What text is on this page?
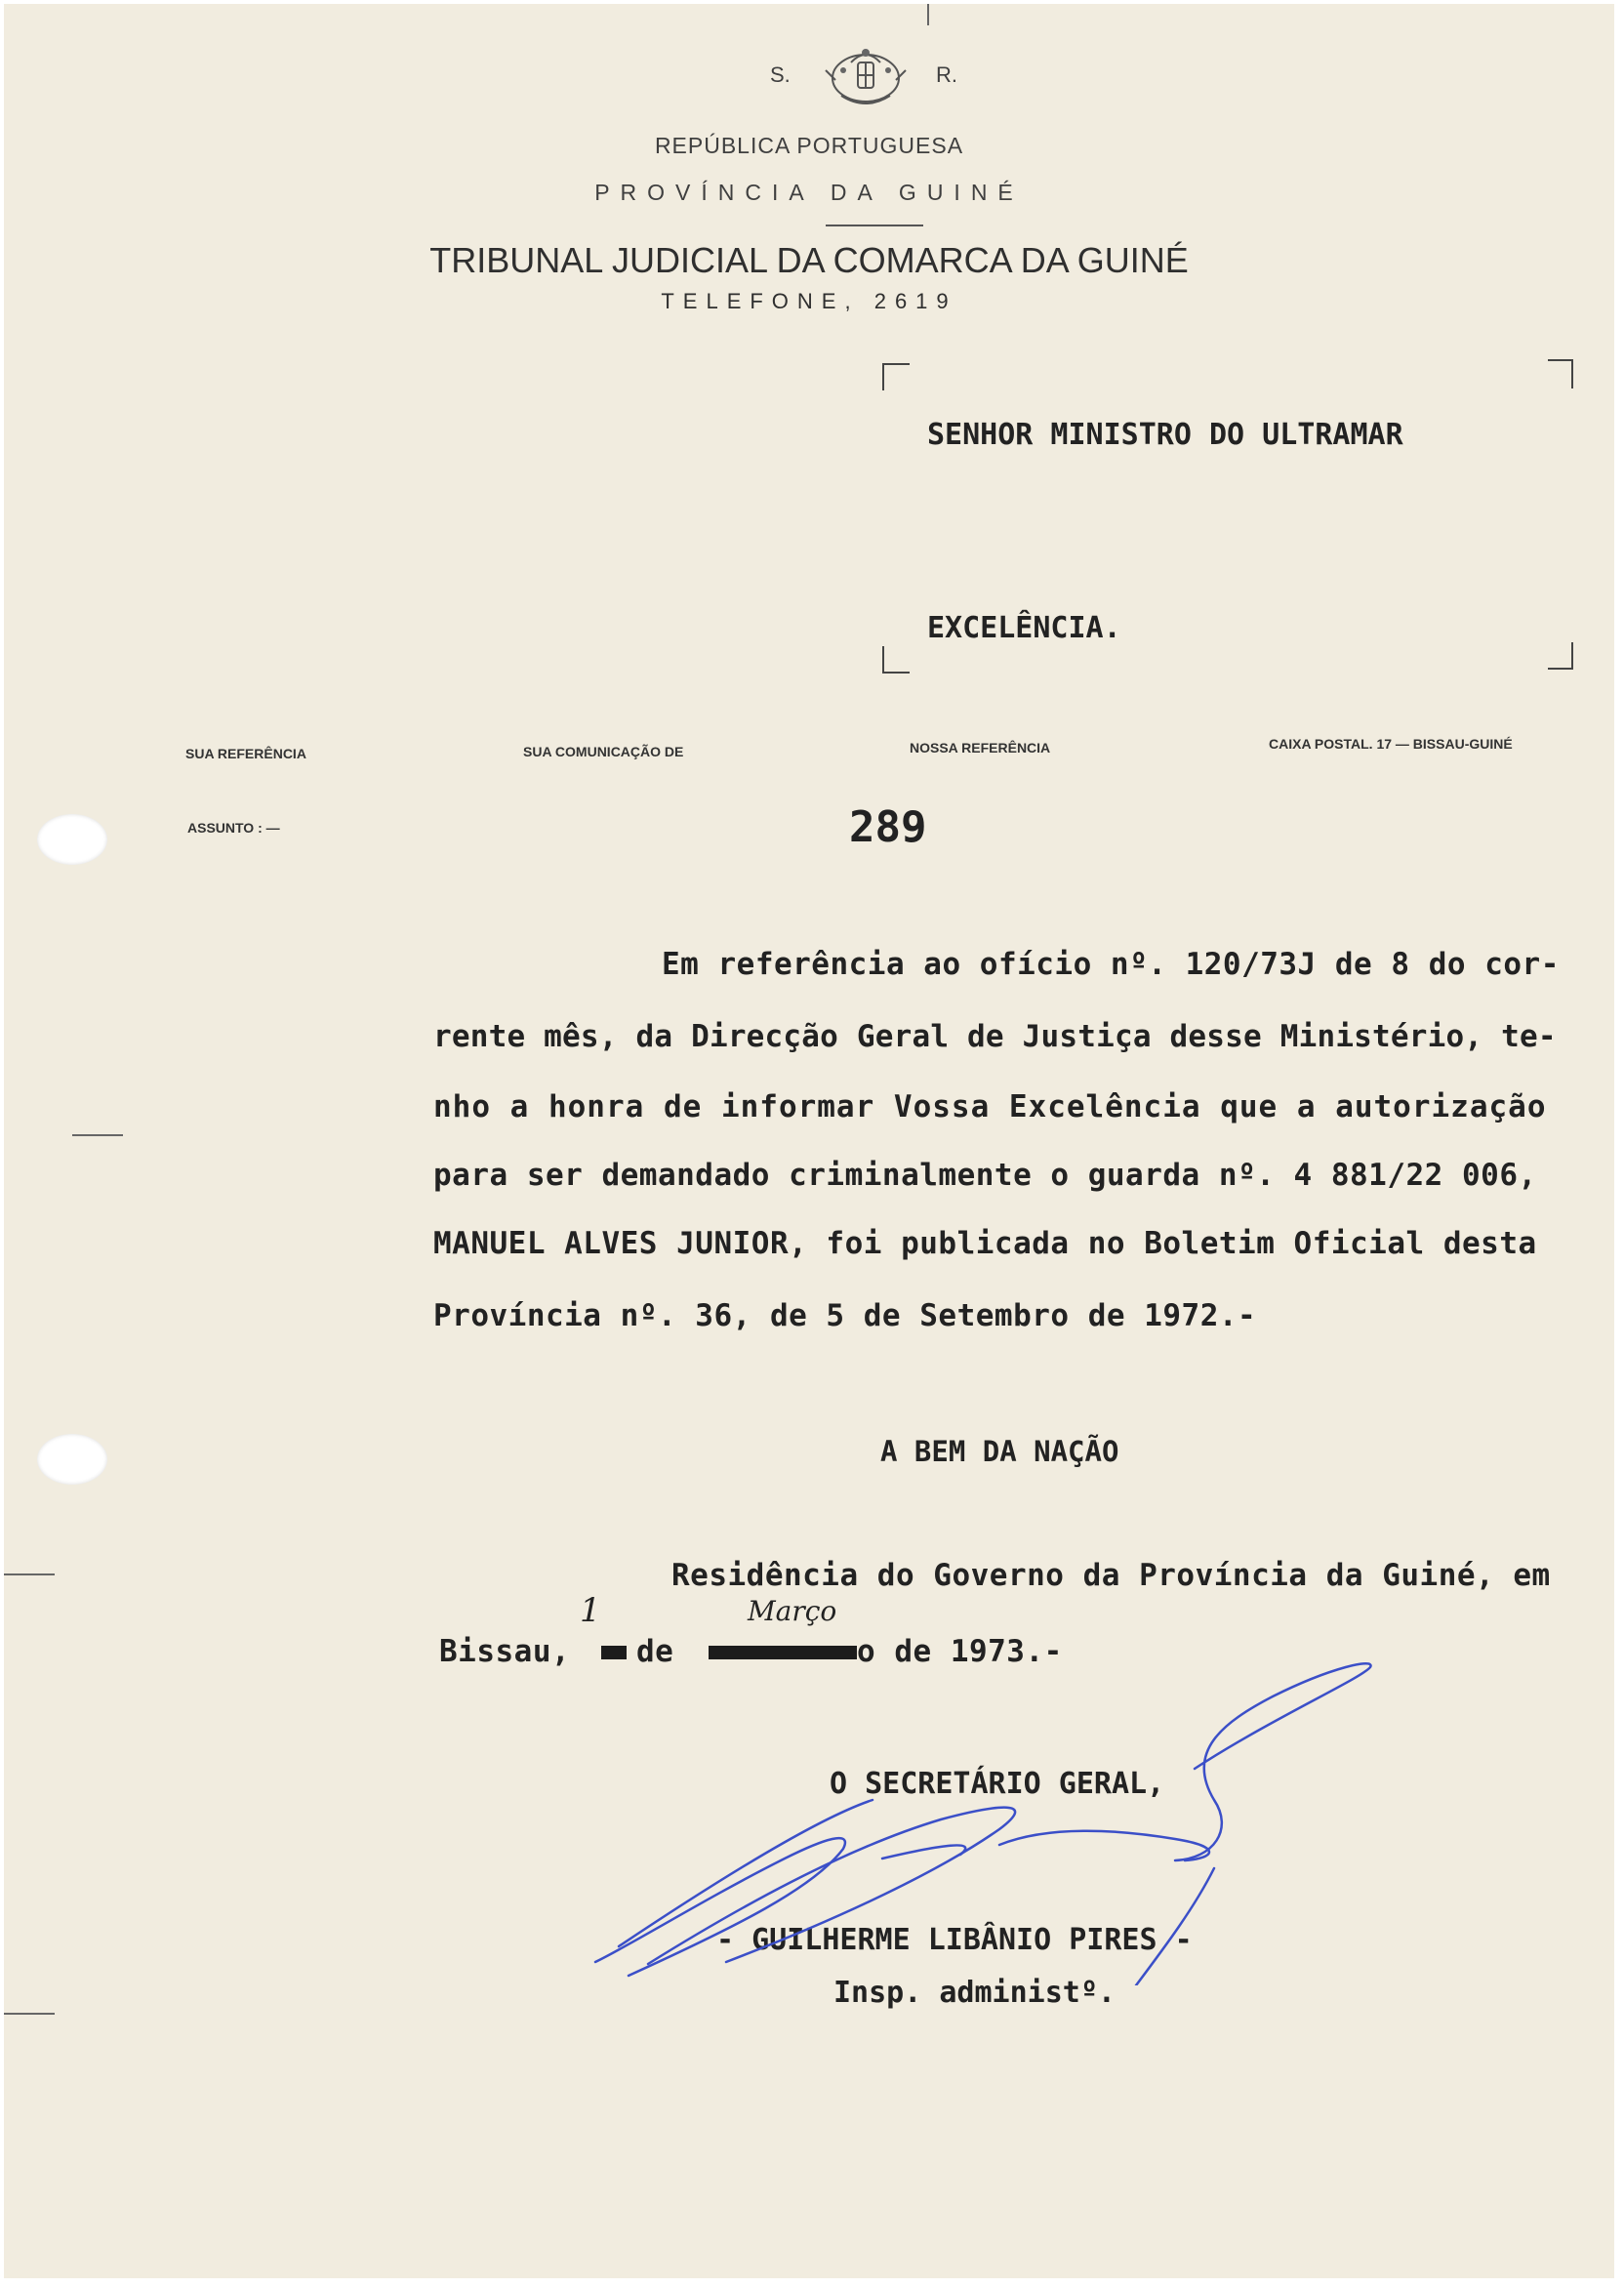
S.	R.
REPÚBLICA PORTUGUESA
PROVÍNCIA DA GUINÉ
TRIBUNAL JUDICIAL DA COMARCA DA GUINÉ
TELEFONE, 2619
SENHOR MINISTRO DO ULTRAMAR
EXCELÊNCIA.
SUA REFERÊNCIA	SUA COMUNICAÇÃO DE	NOSSA REFERÊNCIA	CAIXA POSTAL. 17 — BISSAU-GUINÉ
ASSUNTO : —	289
Em referência ao ofício nº. 120/73J de 8 do cor-
rente mês, da Direcção Geral de Justiça desse Ministério, te-
nho a honra de informar Vossa Excelência que a autorização
para ser demandado criminalmente o guarda nº. 4 881/22 006,
MANUEL ALVES JUNIOR, foi publicada no Boletim Oficial desta
Província nº. 36, de 5 de Setembro de 1972.-
A BEM DA NAÇÃO
Residência do Governo da Província da Guiné, em
Bissau, de	o de 1973.-
1	Março
O SECRETÁRIO GERAL,
- GUILHERME LIBÂNIO PIRES -
Insp. administº.
